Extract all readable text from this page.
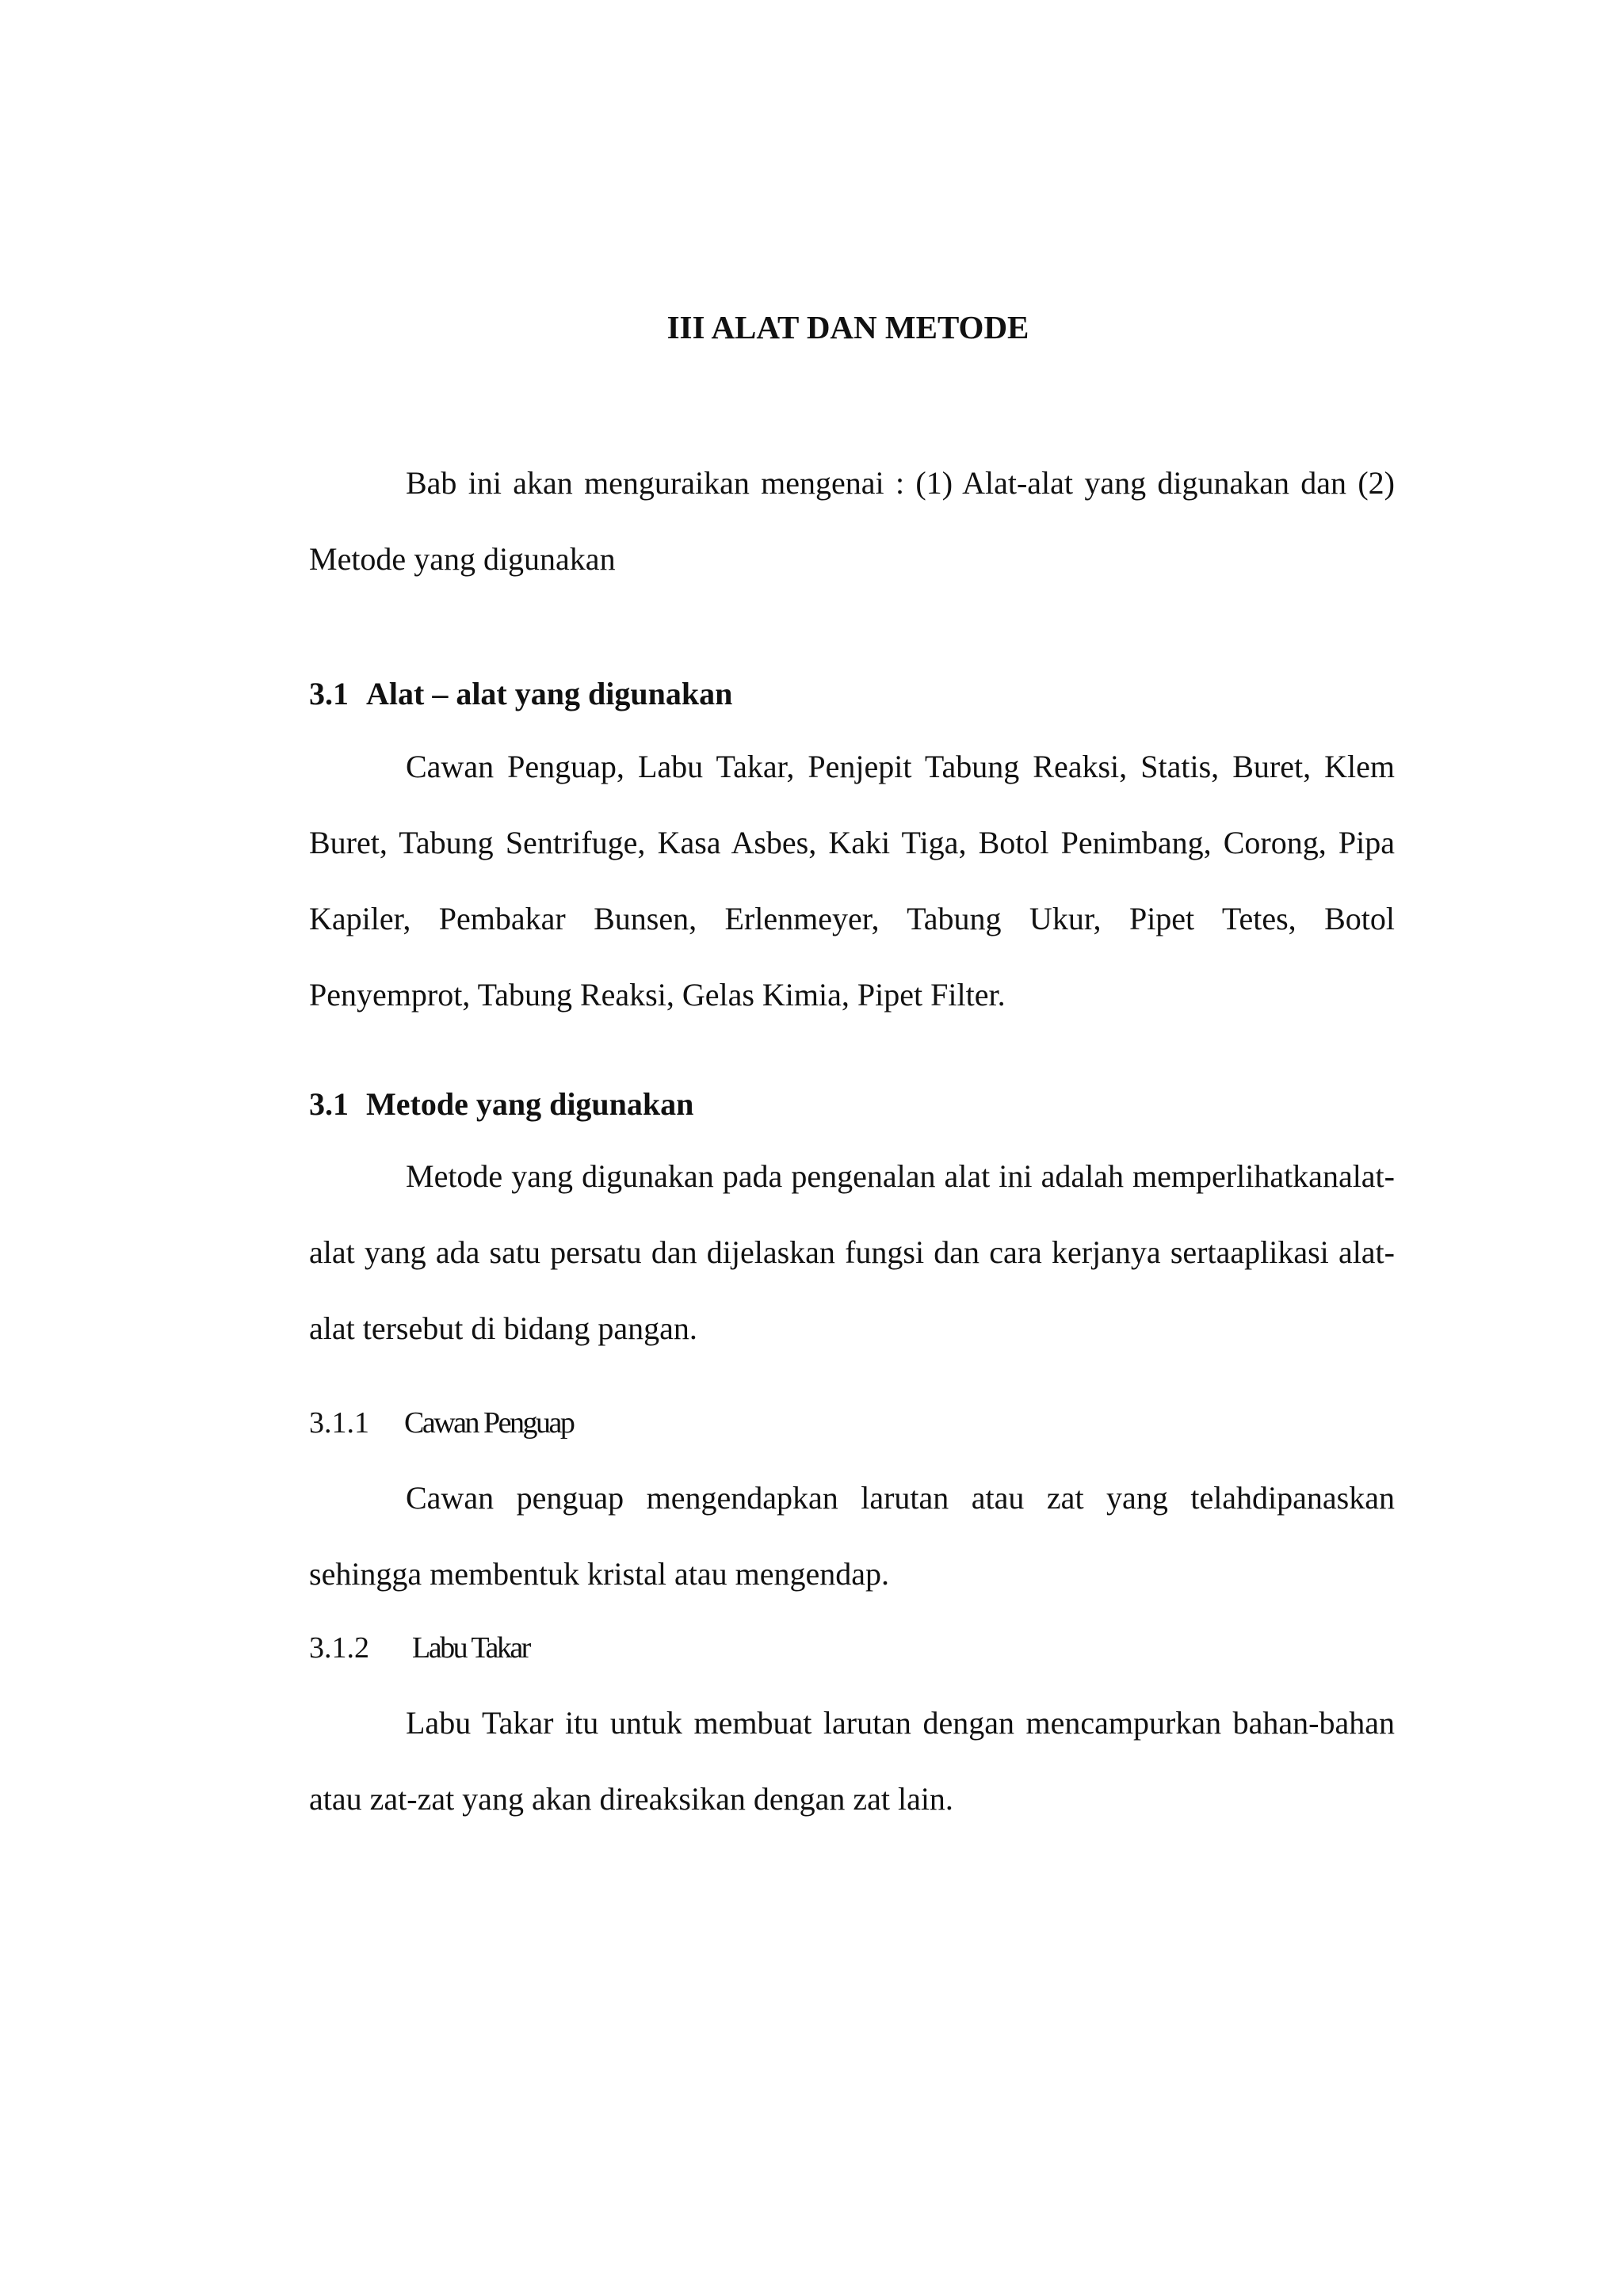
III ALAT DAN METODE

Bab ini akan menguraikan mengenai : (1) Alat-alat yang digunakan dan (2) Metode yang digunakan

3.1 Alat – alat yang digunakan

Cawan Penguap, Labu Takar, Penjepit Tabung Reaksi, Statis, Buret, Klem Buret, Tabung Sentrifuge, Kasa Asbes, Kaki Tiga, Botol Penimbang, Corong, Pipa Kapiler, Pembakar Bunsen, Erlenmeyer, Tabung Ukur, Pipet Tetes, Botol Penyemprot, Tabung Reaksi, Gelas Kimia, Pipet Filter.

3.1 Metode yang digunakan

Metode yang digunakan pada pengenalan alat ini adalah memperlihatkanalat-alat yang ada satu persatu dan dijelaskan fungsi dan cara kerjanya sertaaplikasi alat-alat tersebut di bidang pangan.

3.1.1 Cawan Penguap

Cawan penguap mengendapkan larutan atau zat yang telahdipanaskan sehingga membentuk kristal atau mengendap.

3.1.2 Labu Takar

Labu Takar itu untuk membuat larutan dengan mencampurkan bahan-bahan atau zat-zat yang akan direaksikan dengan zat lain.
